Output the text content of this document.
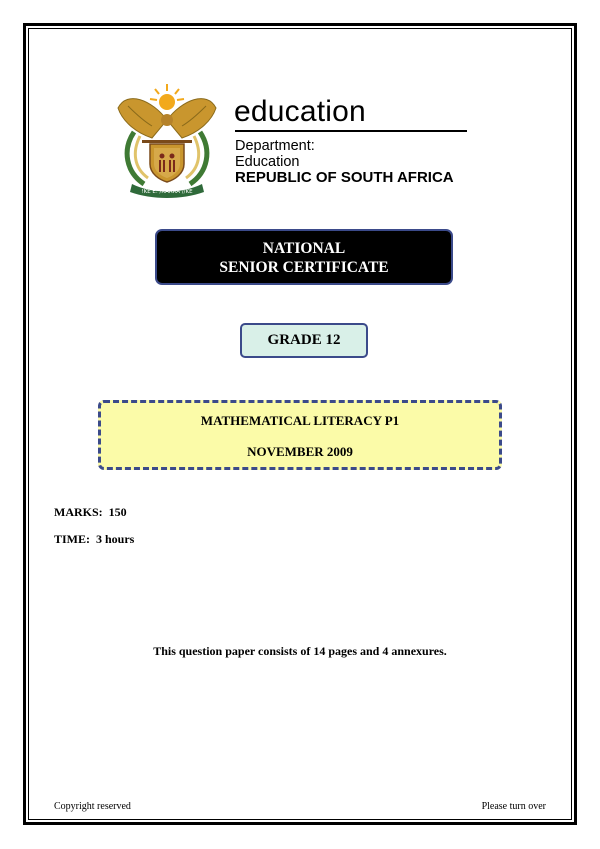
!KE E: /XARRA //KE

education

Department:

Education

REPUBLIC OF SOUTH AFRICA

NATIONAL
SENIOR CERTIFICATE
GRADE 12
MATHEMATICAL LITERACY P1
NOVEMBER 2009
MARKS:  150
TIME:  3 hours
This question paper consists of 14 pages and 4 annexures.
Copyright reserved	Please turn over
